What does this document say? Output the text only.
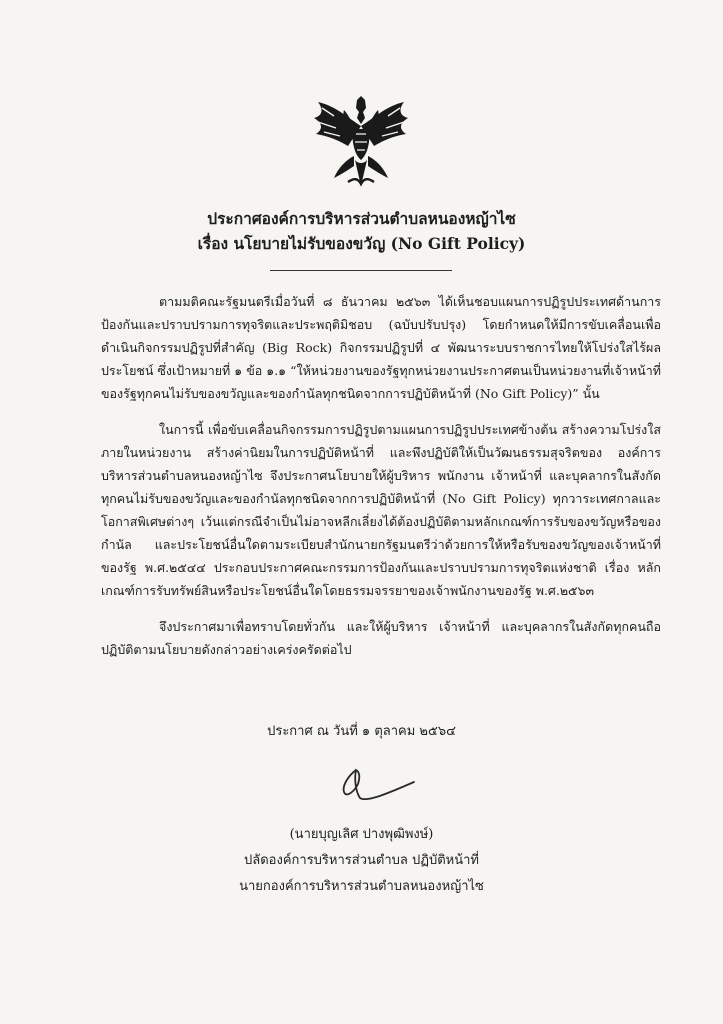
ประกาศองค์การบริหารส่วนตำบลหนองหญ้าไซ
เรื่อง นโยบายไม่รับของขวัญ (No Gift Policy)

ตามมติคณะรัฐมนตรีเมื่อวันที่ ๘ ธันวาคม ๒๕๖๓ ได้เห็นชอบแผนการปฏิรูปประเทศด้านการป้องกันและปราบปรามการทุจริตและประพฤติมิชอบ (ฉบับปรับปรุง) โดยกำหนดให้มีการขับเคลื่อนเพื่อดำเนินกิจกรรมปฏิรูปที่สำคัญ (Big Rock) กิจกรรมปฏิรูปที่ ๔ พัฒนาระบบราชการไทยให้โปร่งใสไร้ผลประโยชน์ ซึ่งเป้าหมายที่ ๑ ข้อ ๑.๑ “ให้หน่วยงานของรัฐทุกหน่วยงานประกาศตนเป็นหน่วยงานที่เจ้าหน้าที่ของรัฐทุกคนไม่รับของขวัญและของกำนัลทุกชนิดจากการปฏิบัติหน้าที่ (No Gift Policy)” นั้น

ในการนี้ เพื่อขับเคลื่อนกิจกรรมการปฏิรูปตามแผนการปฏิรูปประเทศข้างต้น สร้างความโปร่งใสภายในหน่วยงาน สร้างค่านิยมในการปฏิบัติหน้าที่ และพึงปฏิบัติให้เป็นวัฒนธรรมสุจริตของ องค์การบริหารส่วนตำบลหนองหญ้าไซ จึงประกาศนโยบายให้ผู้บริหาร พนักงาน เจ้าหน้าที่ และบุคลากรในสังกัดทุกคนไม่รับของขวัญและของกำนัลทุกชนิดจากการปฏิบัติหน้าที่ (No Gift Policy) ทุกวาระเทศกาลและโอกาสพิเศษต่างๆ เว้นแต่กรณีจำเป็นไม่อาจหลีกเลี่ยงได้ต้องปฏิบัติตามหลักเกณฑ์การรับของขวัญหรือของกำนัล และประโยชน์อื่นใดตามระเบียบสำนักนายกรัฐมนตรีว่าด้วยการให้หรือรับของขวัญของเจ้าหน้าที่ของรัฐ พ.ศ.๒๕๔๔ ประกอบประกาศคณะกรรมการป้องกันและปราบปรามการทุจริตแห่งชาติ เรื่อง หลักเกณฑ์การรับทรัพย์สินหรือประโยชน์อื่นใดโดยธรรมจรรยาของเจ้าพนักงานของรัฐ พ.ศ.๒๕๖๓

จึงประกาศมาเพื่อทราบโดยทั่วกัน และให้ผู้บริหาร เจ้าหน้าที่ และบุคลากรในสังกัดทุกคนถือปฏิบัติตามนโยบายดังกล่าวอย่างเคร่งครัดต่อไป

ประกาศ ณ วันที่ ๑ ตุลาคม ๒๕๖๔
(นายบุญเลิศ ปางพุฒิพงษ์)
ปลัดองค์การบริหารส่วนตำบล ปฏิบัติหน้าที่
นายกองค์การบริหารส่วนตำบลหนองหญ้าไซ
